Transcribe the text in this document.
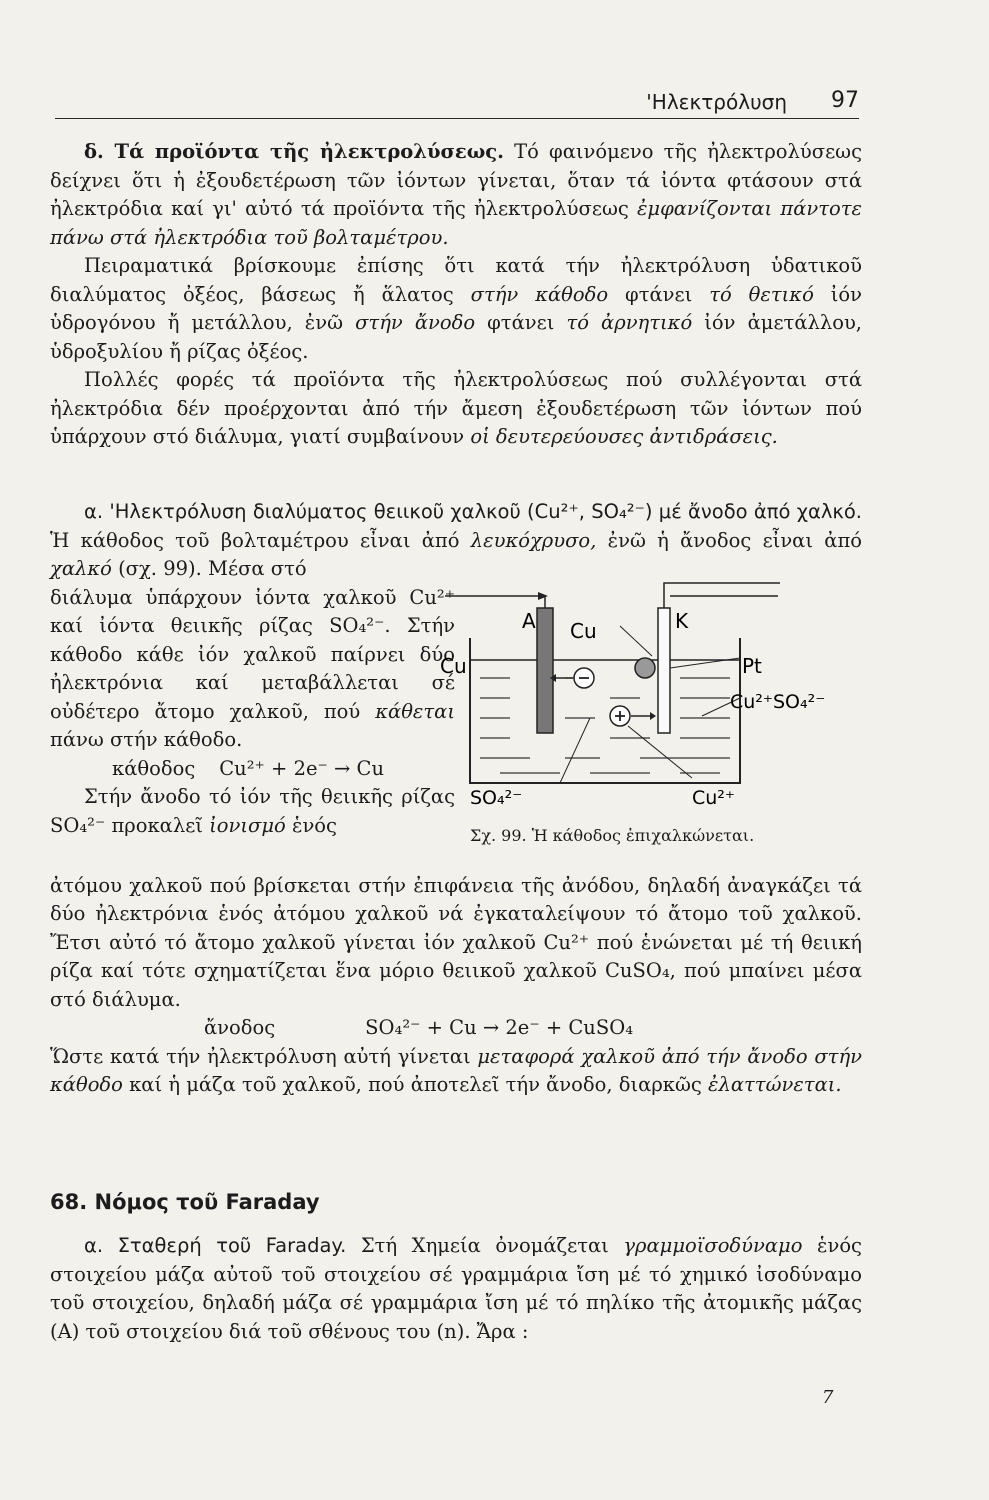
'Ηλεκτρόλυση 97

δ. Τά προϊόντα τῆς ἠλεκτρολύσεως. Τό φαινόμενο τῆς ἠλεκτρολύσεως δείχνει ὅτι ἡ ἐξουδετέρωση τῶν ἰόντων γίνεται, ὅταν τά ἰόντα φτάσουν στά ἠλεκτρόδια καί γι' αὐτό τά προϊόντα τῆς ἠλεκτρολύσεως ἐμφανίζονται πάντοτε πάνω στά ἠλεκτρόδια τοῦ βολταμέτρου.

Πειραματικά βρίσκουμε ἐπίσης ὅτι κατά τήν ἠλεκτρόλυση ὑδατικοῦ διαλύματος ὀξέος, βάσεως ἤ ἅλατος στήν κάθοδο φτάνει τό θετικό ἰόν ὑδρογόνου ἤ μετάλλου, ἐνῶ στήν ἄνοδο φτάνει τό ἀρνητικό ἰόν ἀμετάλλου, ὑδροξυλίου ἤ ρίζας ὀξέος.

Πολλές φορές τά προϊόντα τῆς ἠλεκτρολύσεως πού συλλέγονται στά ἠλεκτρόδια δέν προέρχονται ἀπό τήν ἄμεση ἐξουδετέρωση τῶν ἰόντων πού ὑπάρχουν στό διάλυμα, γιατί συμβαίνουν οἱ δευτερεύουσες ἀντιδράσεις.

α. 'Ηλεκτρόλυση διαλύματος θειικοῦ χαλκοῦ (Cu²⁺, SO₄²⁻) μέ ἄνοδο ἀπό χαλκό. Ἡ κάθοδος τοῦ βολταμέτρου εἶναι ἀπό λευκόχρυσο, ἐνῶ ἡ ἄνοδος εἶναι ἀπό χαλκό (σχ. 99). Μέσα στό

διάλυμα ὑπάρχουν ἰόντα χαλκοῦ Cu²⁺ καί ἰόντα θειικῆς ρίζας SO₄²⁻. Στήν κάθοδο κάθε ἰόν χαλκοῦ παίρνει δύο ἠλεκτρόνια καί μεταβάλλεται σέ οὐδέτερο ἄτομο χαλκοῦ, πού κάθεται πάνω στήν κάθοδο.

κάθοδος Cu²⁺ + 2e⁻ → Cu

Στήν ἄνοδο τό ἰόν τῆς θειικῆς ρίζας SO₄²⁻ προκαλεῖ ἰονισμό ἑνός

A	K
Cu
Cu	Pt
Cu²⁺SO₄²⁻
SO₄²⁻	Cu²⁺
Σχ. 99. Ἡ κάθοδος ἐπιχαλκώνεται.

ἀτόμου χαλκοῦ πού βρίσκεται στήν ἐπιφάνεια τῆς ἀνόδου, δηλαδή ἀναγκάζει τά δύο ἠλεκτρόνια ἑνός ἀτόμου χαλκοῦ νά ἐγκαταλείψουν τό ἄτομο τοῦ χαλκοῦ. Ἔτσι αὐτό τό ἄτομο χαλκοῦ γίνεται ἰόν χαλκοῦ Cu²⁺ πού ἑνώνεται μέ τή θειική ρίζα καί τότε σχηματίζεται ἕνα μόριο θειικοῦ χαλκοῦ CuSO₄, πού μπαίνει μέσα στό διάλυμα.

ἄνοδος	SO₄²⁻ + Cu → 2e⁻ + CuSO₄

Ὥστε κατά τήν ἠλεκτρόλυση αὐτή γίνεται μεταφορά χαλκοῦ ἀπό τήν ἄνοδο στήν κάθοδο καί ἡ μάζα τοῦ χαλκοῦ, πού ἀποτελεῖ τήν ἄνοδο, διαρκῶς ἐλαττώνεται.

68. Νόμος τοῦ Faraday

α. Σταθερή τοῦ Faraday. Στή Χημεία ὀνομάζεται γραμμοϊσοδύναμο ἑνός στοιχείου μάζα αὐτοῦ τοῦ στοιχείου σέ γραμμάρια ἴση μέ τό χημικό ἰσοδύναμο τοῦ στοιχείου, δηλαδή μάζα σέ γραμμάρια ἴση μέ τό πηλίκο τῆς ἀτομικῆς μάζας (A) τοῦ στοιχείου διά τοῦ σθένους του (n). Ἄρα :

7
